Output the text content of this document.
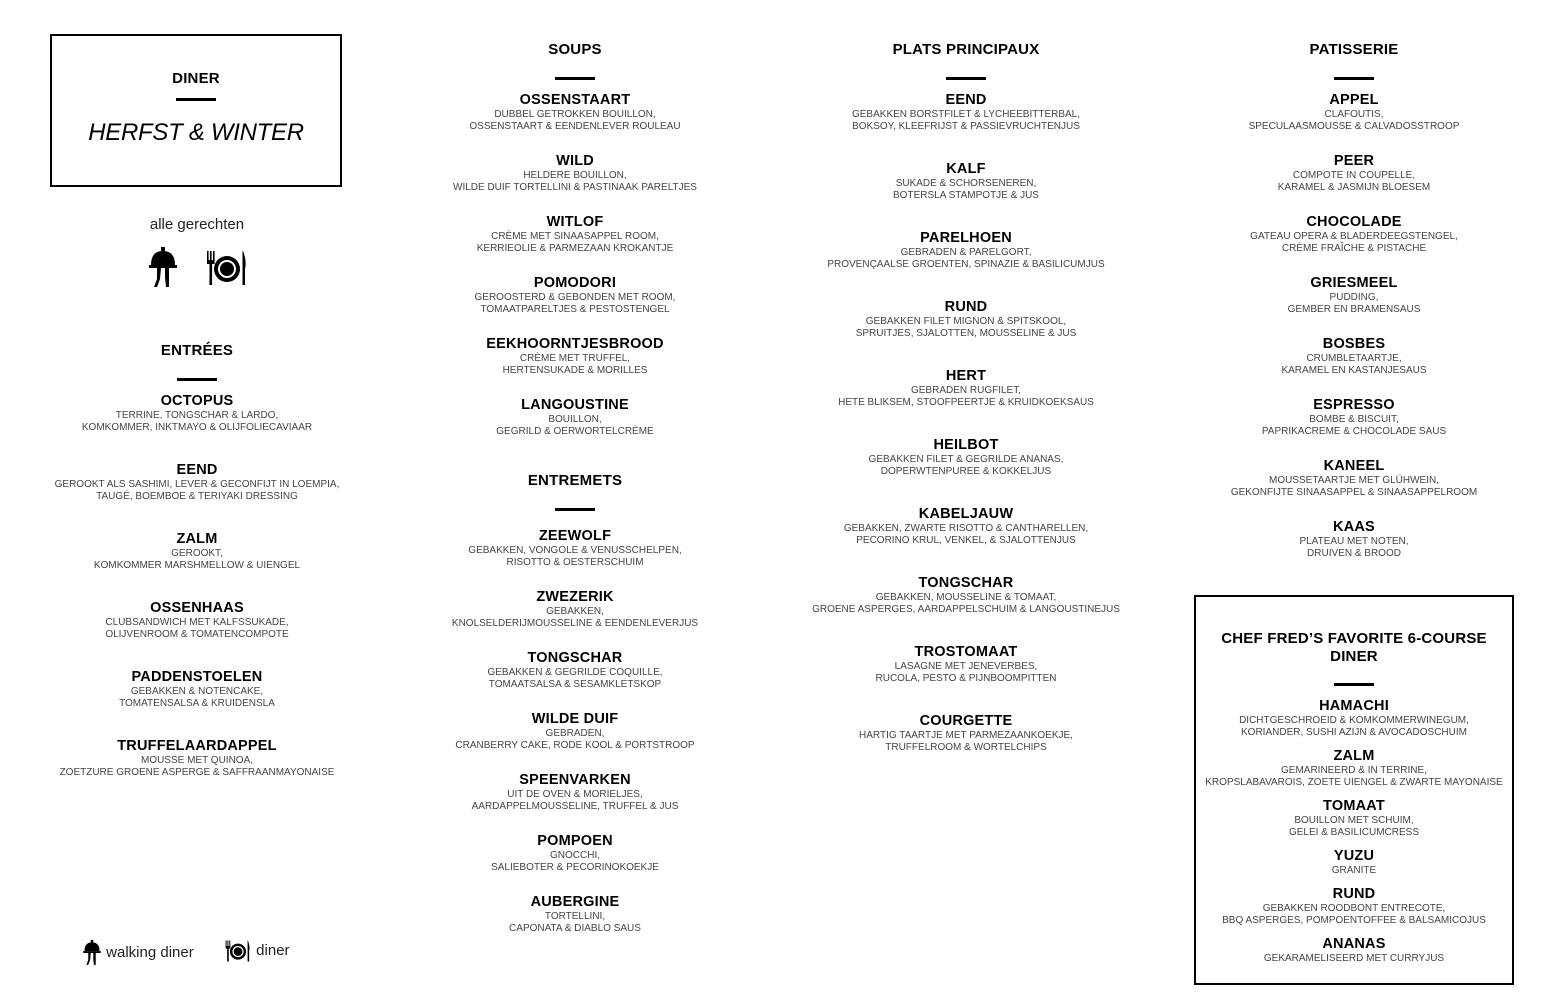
DINER
HERFST & WINTER
alle gerechten
ENTRÉES
OCTOPUS
TERRINE, TONGSCHAR & LARDO,
KOMKOMMER, INKTMAYO & OLIJFOLIECAVIAAR
EEND
GEROOKT ALS SASHIMI, LEVER & GECONFIJT IN LOEMPIA,
TAUGÉ, BOEMBOE & TERIYAKI DRESSING
ZALM
GEROOKT,
KOMKOMMER MARSHMELLOW & UIENGEL
OSSENHAAS
CLUBSANDWICH MET KALFSSUKADE,
OLIJVENROOM & TOMATENCOMPOTE
PADDENSTOELEN
GEBAKKEN & NOTENCAKE,
TOMATENSALSA & KRUIDENSLA
TRUFFELAARDAPPEL
MOUSSE MET QUINOA,
ZOETZURE GROENE ASPERGE & SAFFRAANMAYONAISE
SOUPS
OSSENSTAART
DUBBEL GETROKKEN BOUILLON,
OSSENSTAART & EENDENLEVER ROULEAU
WILD
HELDERE BOUILLON,
WILDE DUIF TORTELLINI & PASTINAAK PARELTJES
WITLOF
CRÈME MET SINAASAPPEL ROOM,
KERRIEOLIE & PARMEZAAN KROKANTJE
POMODORI
GEROOSTERD & GEBONDEN MET ROOM,
TOMAATPARELTJES & PESTOSTENGEL
EEKHOORNTJESBROOD
CRÈME MET TRUFFEL,
HERTENSUKADE & MORILLES
LANGOUSTINE
BOUILLON,
GEGRILD & OERWORTELCRÈME
ENTREMETS
ZEEWOLF
GEBAKKEN, VONGOLE & VENUSSCHELPEN,
RISOTTO & OESTERSCHUIM
ZWEZERIK
GEBAKKEN,
KNOLSELDERIJMOUSSELINE & EENDENLEVERJUS
TONGSCHAR
GEBAKKEN & GEGRILDE COQUILLE,
TOMAATSALSA & SESAMKLETSKOP
WILDE DUIF
GEBRADEN,
CRANBERRY CAKE, RODE KOOL & PORTSTROOP
SPEENVARKEN
UIT DE OVEN & MORIELJES,
AARDAPPELMOUSSELINE, TRUFFEL & JUS
POMPOEN
GNOCCHI,
SALIEBOTER & PECORINOKOEKJE
AUBERGINE
TORTELLINI,
CAPONATA & DIABLO SAUS
PLATS PRINCIPAUX
EEND
GEBAKKEN BORSTFILET & LYCHEEBITTERBAL,
BOKSOY, KLEEFRIJST & PASSIEVRUCHTENJUS
KALF
SUKADE & SCHORSENEREN,
BOTERSLA STAMPOTJE & JUS
PARELHOEN
GEBRADEN & PARELGORT,
PROVENÇAALSE GROENTEN, SPINAZIE & BASILICUMJUS
RUND
GEBAKKEN FILET MIGNON & SPITSKOOL,
SPRUITJES, SJALOTTEN, MOUSSELINE & JUS
HERT
GEBRADEN RUGFILET,
HETE BLIKSEM, STOOFPEERTJE & KRUIDKOEKSAUS
HEILBOT
GEBAKKEN FILET & GEGRILDE ANANAS,
DOPERWTENPUREE & KOKKELJUS
KABELJAUW
GEBAKKEN, ZWARTE RISOTTO & CANTHARELLEN,
PECORINO KRUL, VENKEL, & SJALOTTENJUS
TONGSCHAR
GEBAKKEN, MOUSSELINE & TOMAAT,
GROENE ASPERGES, AARDAPPELSCHUIM & LANGOUSTINEJUS
TROSTOMAAT
LASAGNE MET JENEVERBES,
RUCOLA, PESTO & PIJNBOOMPITTEN
COURGETTE
HARTIG TAARTJE MET PARMEZAANKOEKJE,
TRUFFELROOM & WORTELCHIPS
PATISSERIE
APPEL
CLAFOUTIS,
SPECULAASMOUSSE & CALVADOSSTROOP
PEER
COMPOTE IN COUPELLE,
KARAMEL & JASMIJN BLOESEM
CHOCOLADE
GATEAU OPERA & BLADERDEEGSTENGEL,
CRÈME FRAÎCHE & PISTACHE
GRIESMEEL
PUDDING,
GEMBER EN BRAMENSAUS
BOSBES
CRUMBLETAARTJE,
KARAMEL EN KASTANJESAUS
ESPRESSO
BOMBE & BISCUIT,
PAPRIKACREME & CHOCOLADE SAUS
KANEEL
MOUSSETAARTJE MET GLÜHWEIN,
GEKONFIJTE SINAASAPPEL & SINAASAPPELROOM
KAAS
PLATEAU MET NOTEN,
DRUIVEN & BROOD
CHEF FRED’S FAVORITE 6-COURSE DINER
HAMACHI
DICHTGESCHROEID & KOMKOMMERWINEGUM,
KORIANDER, SUSHI AZIJN & AVOCADOSCHUIM
ZALM
GEMARINEERD & IN TERRINE,
KROPSLABAVAROIS, ZOETE UIENGEL & ZWARTE MAYONAISE
TOMAAT
BOUILLON MET SCHUIM,
GELEI & BASILICUMCRESS
YUZU
GRANITE
RUND
GEBAKKEN ROODBONT ENTRECOTE,
BBQ ASPERGES, POMPOENTOFFEE & BALSAMICOJUS
ANANAS
GEKARAMELISEERD MET CURRYJUS
walking diner	diner
